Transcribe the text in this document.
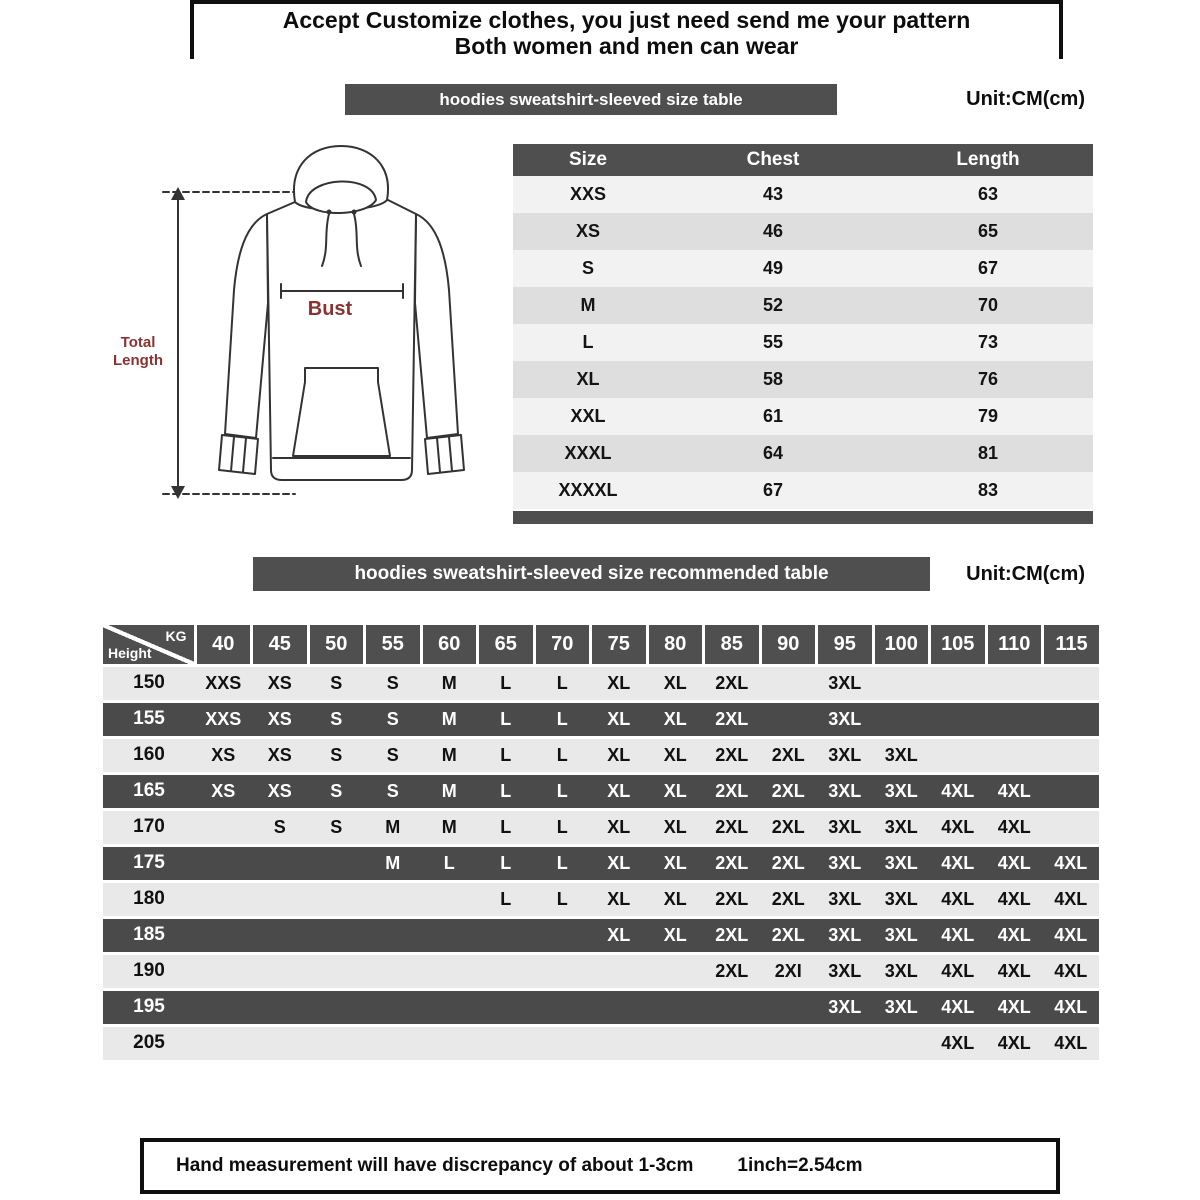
Accept Customize clothes, you just need send me your pattern
Both women and men can wear
hoodies sweatshirt-sleeved size table	Unit:CM(cm)
Bust
Total Length
Size	Chest	Length
XXS	43	63
XS	46	65
S	49	67
M	52	70
L	55	73
XL	58	76
XXL	61	79
XXXL	64	81
XXXXL	67	83
hoodies sweatshirt-sleeved size recommended table	Unit:CM(cm)
KG
Height	40	45	50	55	60	65	70	75	80	85	90	95	100	105	110	115
150	XXS	XS	S	S	M	L	L	XL	XL	2XL		3XL				
155	XXS	XS	S	S	M	L	L	XL	XL	2XL		3XL				
160	XS	XS	S	S	M	L	L	XL	XL	2XL	2XL	3XL	3XL			
165	XS	XS	S	S	M	L	L	XL	XL	2XL	2XL	3XL	3XL	4XL	4XL	
170		S	S	M	M	L	L	XL	XL	2XL	2XL	3XL	3XL	4XL	4XL	
175				M	L	L	L	XL	XL	2XL	2XL	3XL	3XL	4XL	4XL	4XL
180						L	L	XL	XL	2XL	2XL	3XL	3XL	4XL	4XL	4XL
185								XL	XL	2XL	2XL	3XL	3XL	4XL	4XL	4XL
190										2XL	2XI	3XL	3XL	4XL	4XL	4XL
195												3XL	3XL	4XL	4XL	4XL
205														4XL	4XL	4XL
Hand measurement will have discrepancy of about 1-3cm 1inch=2.54cm
